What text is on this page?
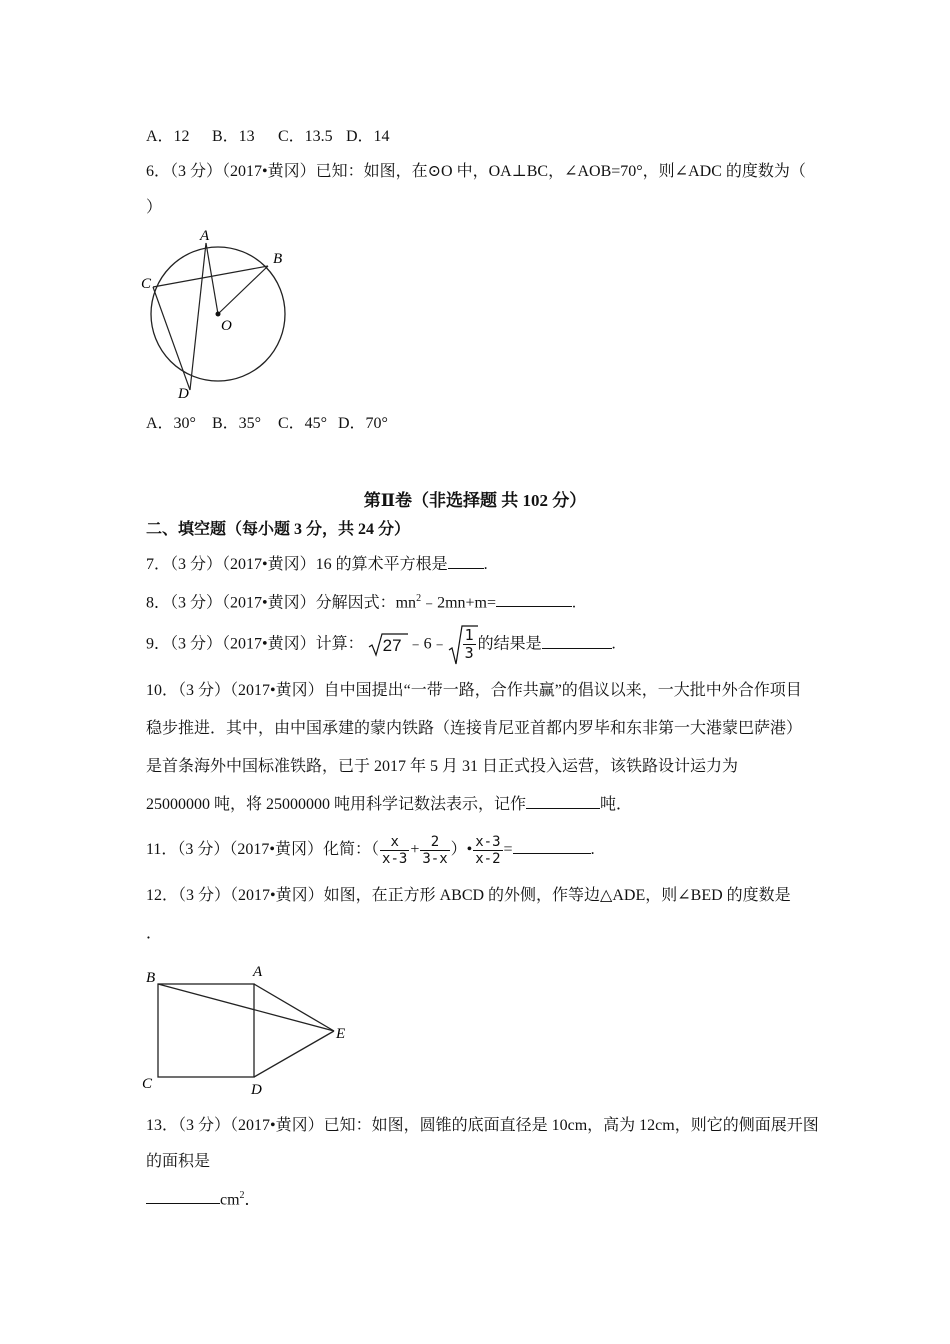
A．12 B．13 C．13.5 D．14
6．（3 分）（2017•黄冈）已知：如图，在⊙O 中，OA⊥BC，∠AOB=70°，则∠ADC 的度数为（
）
A
B
C
D
O
A．30° B．35° C．45° D．70°
第Ⅱ卷（非选择题 共 102 分）
二、填空题（每小题 3 分，共 24 分）
7．（3 分）（2017•黄冈）16 的算术平方根是 .
8．（3 分）（2017•黄冈）分解因式：$mn^2﹣2mn+m=$	.
9．（3 分）（2017•黄冈）计算： 27 ﹣6﹣ $\frac{1}{3}$ 的结果是	.
10．（3 分）（2017•黄冈）自中国提出“一带一路，合作共赢”的倡议以来，一大批中外合作项目
稳步推进．其中，由中国承建的蒙内铁路（连接肯尼亚首都内罗毕和东非第一大港蒙巴萨港）
是首条海外中国标准铁路，已于 2017 年 5 月 31 日正式投入运营，该铁路设计运力为
25000000 吨，将 25000000 吨用科学记数法表示，记作	吨．
11．（3 分）（2017•黄冈）化简：（ $\frac{x}{x-3} + \frac{2}{3-x}$ ）• $\frac{x-3}{x-2}$ =	.
12．（3 分）（2017•黄冈）如图，在正方形 ABCD 的外侧，作等边△ADE，则∠BED 的度数是
．
B	A
E
C	D
13．（3 分）（2017•黄冈）已知：如图，圆锥的底面直径是 10cm，高为 12cm，则它的侧面展开图
的面积是
$cm^2$．
